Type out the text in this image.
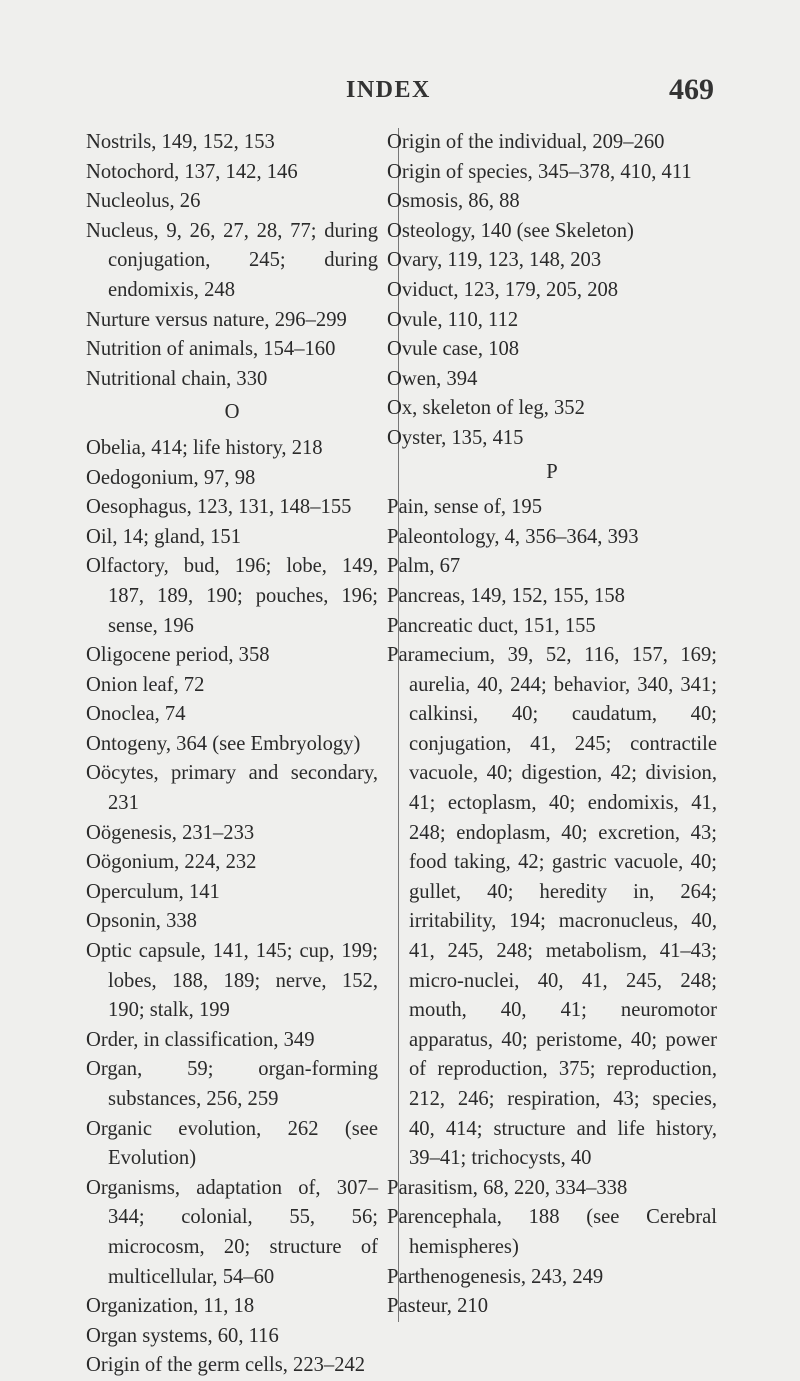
INDEX	469
Nostrils, 149, 152, 153
Notochord, 137, 142, 146
Nucleolus, 26
Nucleus, 9, 26, 27, 28, 77; during conjugation, 245; during endomixis, 248
Nurture versus nature, 296–299
Nutrition of animals, 154–160
Nutritional chain, 330
O
Obelia, 414; life history, 218
Oedogonium, 97, 98
Oesophagus, 123, 131, 148–155
Oil, 14; gland, 151
Olfactory, bud, 196; lobe, 149, 187, 189, 190; pouches, 196; sense, 196
Oligocene period, 358
Onion leaf, 72
Onoclea, 74
Ontogeny, 364 (see Embryology)
Oöcytes, primary and secondary, 231
Oögenesis, 231–233
Oögonium, 224, 232
Operculum, 141
Opsonin, 338
Optic capsule, 141, 145; cup, 199; lobes, 188, 189; nerve, 152, 190; stalk, 199
Order, in classification, 349
Organ, 59; organ-forming substances, 256, 259
Organic evolution, 262 (see Evolution)
Organisms, adaptation of, 307–344; colonial, 55, 56; microcosm, 20; structure of multicellular, 54–60
Organization, 11, 18
Organ systems, 60, 116
Origin of the germ cells, 223–242
Origin of the individual, 209–260
Origin of species, 345–378, 410, 411
Osmosis, 86, 88
Osteology, 140 (see Skeleton)
Ovary, 119, 123, 148, 203
Oviduct, 123, 179, 205, 208
Ovule, 110, 112
Ovule case, 108
Owen, 394
Ox, skeleton of leg, 352
Oyster, 135, 415
P
Pain, sense of, 195
Paleontology, 4, 356–364, 393
Palm, 67
Pancreas, 149, 152, 155, 158
Pancreatic duct, 151, 155
Paramecium, 39, 52, 116, 157, 169; aurelia, 40, 244; behavior, 340, 341; calkinsi, 40; caudatum, 40; conjugation, 41, 245; contractile vacuole, 40; digestion, 42; division, 41; ectoplasm, 40; endomixis, 41, 248; endoplasm, 40; excretion, 43; food taking, 42; gastric vacuole, 40; gullet, 40; heredity in, 264; irritability, 194; macronucleus, 40, 41, 245, 248; metabolism, 41–43; micro-nuclei, 40, 41, 245, 248; mouth, 40, 41; neuromotor apparatus, 40; peristome, 40; power of reproduction, 375; reproduction, 212, 246; respiration, 43; species, 40, 414; structure and life history, 39–41; trichocysts, 40
Parasitism, 68, 220, 334–338
Parencephala, 188 (see Cerebral hemispheres)
Parthenogenesis, 243, 249
Pasteur, 210
